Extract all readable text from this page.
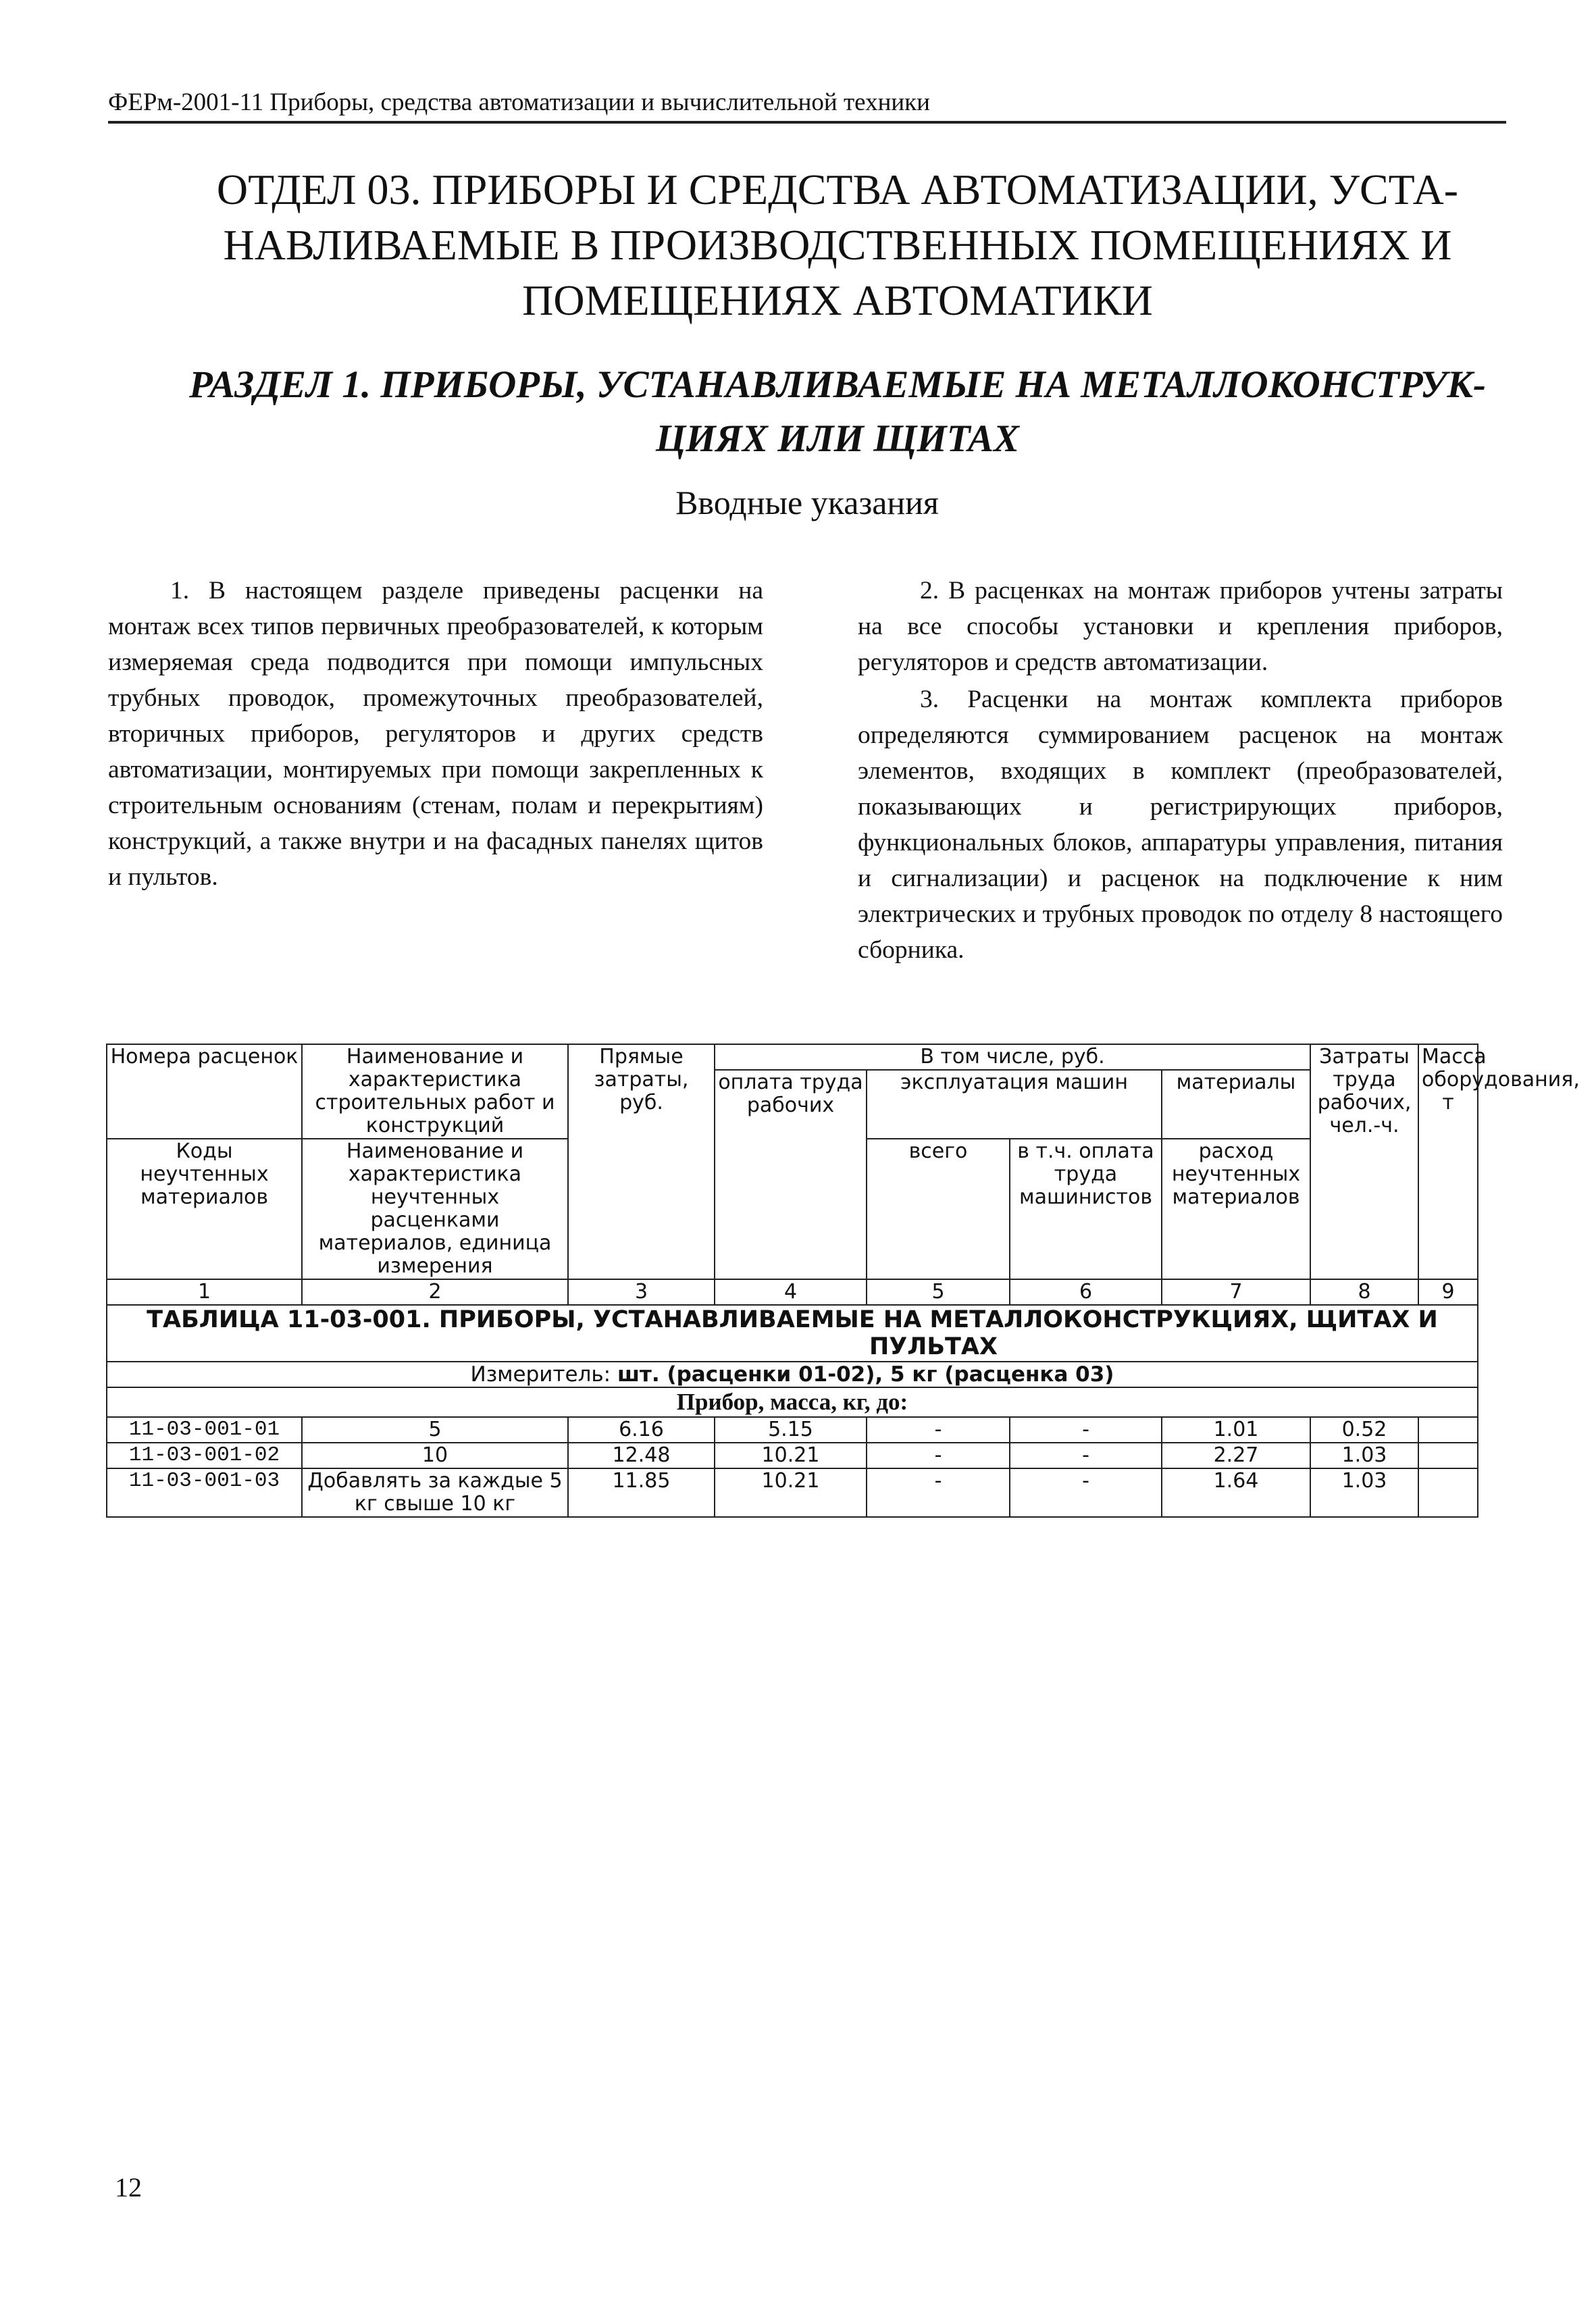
ФЕРм-2001-11 Приборы, средства автоматизации и вычислительной техники
ОТДЕЛ 03. ПРИБОРЫ И СРЕДСТВА АВТОМАТИЗАЦИИ, УСТА- НАВЛИВАЕМЫЕ В ПРОИЗВОДСТВЕННЫХ ПОМЕЩЕНИЯХ И ПОМЕЩЕНИЯХ АВТОМАТИКИ
РАЗДЕЛ 1. ПРИБОРЫ, УСТАНАВЛИВАЕМЫЕ НА МЕТАЛЛОКОНСТРУК- ЦИЯХ ИЛИ ЩИТАХ
Вводные указания

1. В настоящем разделе приведены расценки на монтаж всех типов первичных преобразователей, к которым измеряемая среда подводится при помощи импульсных трубных проводок, промежуточных преобразователей, вторичных приборов, регуляторов и других средств автоматизации, монтируемых при помощи закрепленных к строительным основаниям (стенам, полам и перекрытиям) конструкций, а также внутри и на фасадных панелях щитов и пультов.

2. В расценках на монтаж приборов учтены затраты на все способы установки и крепления приборов, регуляторов и средств автоматизации.

3. Расценки на монтаж комплекта приборов определяются суммированием расценок на монтаж элементов, входящих в комплект (преобразователей, показывающих и регистрирующих приборов, функциональных блоков, аппаратуры управления, питания и сигнализации) и расценок на подключение к ним электрических и трубных проводок по отделу 8 настоящего сборника.

Номера расценок	Наименование и характеристика строительных работ и конструкций	Прямые затраты, руб.	В том числе, руб.				Затраты труда рабочих, чел.-ч.	Масса оборудования, т
			оплата труда рабочих	эксплуатация машин		материалы		
Коды неучтенных материалов	Наименование и характеристика неучтенных расценками материалов, единица измерения			всего	в т.ч. оплата труда машинистов	расход неучтенных материалов		

1	2	3	4	5	6	7	8	9

ТАБЛИЦА 11-03-001. ПРИБОРЫ, УСТАНАВЛИВАЕМЫЕ НА МЕТАЛЛОКОНСТРУКЦИЯХ, ЩИТАХ И
ПУЛЬТАХ								

Измеритель: шт. (расценки 01-02), 5 кг (расценка 03)								
Прибор, масса, кг, до:								
11-03-001-01	5	6.16	5.15	-	-	1.01	0.52	
11-03-001-02	10	12.48	10.21	-	-	2.27	1.03	
11-03-001-03	Добавлять за каждые 5 кг свыше 10 кг	11.85	10.21	-	-	1.64	1.03	
12
